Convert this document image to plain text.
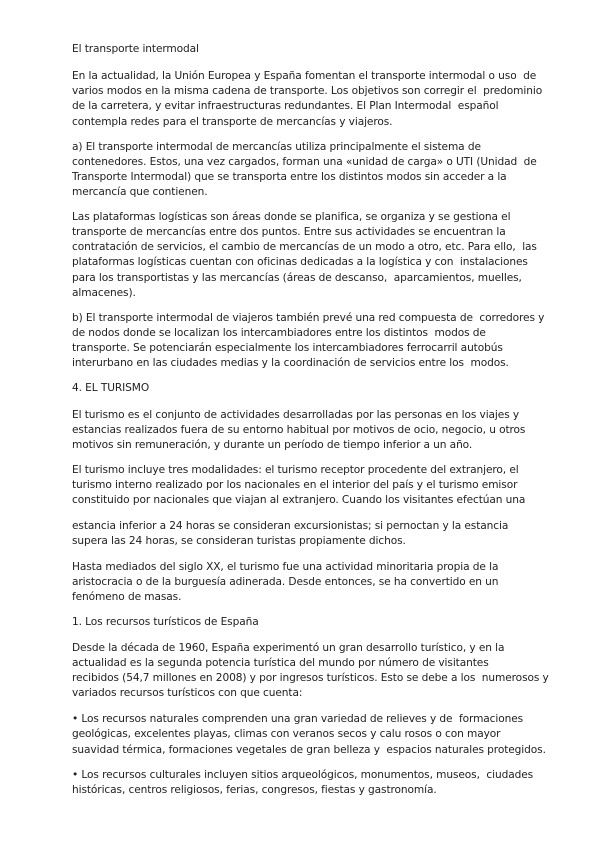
El transporte intermodal
En la actualidad, la Unión Europea y España fomentan el transporte intermodal o uso  de
varios modos en la misma cadena de transporte. Los objetivos son corregir el  predominio
de la carretera, y evitar infraestructuras redundantes. El Plan Intermodal  español
contempla redes para el transporte de mercancías y viajeros.
a) El transporte intermodal de mercancías utiliza principalmente el sistema de
contenedores. Estos, una vez cargados, forman una «unidad de carga» o UTI (Unidad  de
Transporte Intermodal) que se transporta entre los distintos modos sin acceder a la
mercancía que contienen.
Las plataformas logísticas son áreas donde se planifica, se organiza y se gestiona el
transporte de mercancías entre dos puntos. Entre sus actividades se encuentran la
contratación de servicios, el cambio de mercancías de un modo a otro, etc. Para ello,  las
plataformas logísticas cuentan con oficinas dedicadas a la logística y con  instalaciones
para los transportistas y las mercancías (áreas de descanso,  aparcamientos, muelles,
almacenes).
b) El transporte intermodal de viajeros también prevé una red compuesta de  corredores y
de nodos donde se localizan los intercambiadores entre los distintos  modos de
transporte. Se potenciarán especialmente los intercambiadores ferrocarril autobús
interurbano en las ciudades medias y la coordinación de servicios entre los  modos.
4. EL TURISMO
El turismo es el conjunto de actividades desarrolladas por las personas en los viajes y
estancias realizados fuera de su entorno habitual por motivos de ocio, negocio, u otros
motivos sin remuneración, y durante un período de tiempo inferior a un año.
El turismo incluye tres modalidades: el turismo receptor procedente del extranjero, el
turismo interno realizado por los nacionales en el interior del país y el turismo emisor
constituido por nacionales que viajan al extranjero. Cuando los visitantes efectúan una
estancia inferior a 24 horas se consideran excursionistas; si pernoctan y la estancia
supera las 24 horas, se consideran turistas propiamente dichos.
Hasta mediados del siglo XX, el turismo fue una actividad minoritaria propia de la
aristocracia o de la burguesía adinerada. Desde entonces, se ha convertido en un
fenómeno de masas.
1. Los recursos turísticos de España
Desde la década de 1960, España experimentó un gran desarrollo turístico, y en la
actualidad es la segunda potencia turística del mundo por número de visitantes
recibidos (54,7 millones en 2008) y por ingresos turísticos. Esto se debe a los  numerosos y
variados recursos turísticos con que cuenta:
• Los recursos naturales comprenden una gran variedad de relieves y de  formaciones
geológicas, excelentes playas, climas con veranos secos y calu rosos o con mayor
suavidad térmica, formaciones vegetales de gran belleza y  espacios naturales protegidos.
• Los recursos culturales incluyen sitios arqueológicos, monumentos, museos,  ciudades
históricas, centros religiosos, ferias, congresos, fiestas y gastronomía.
